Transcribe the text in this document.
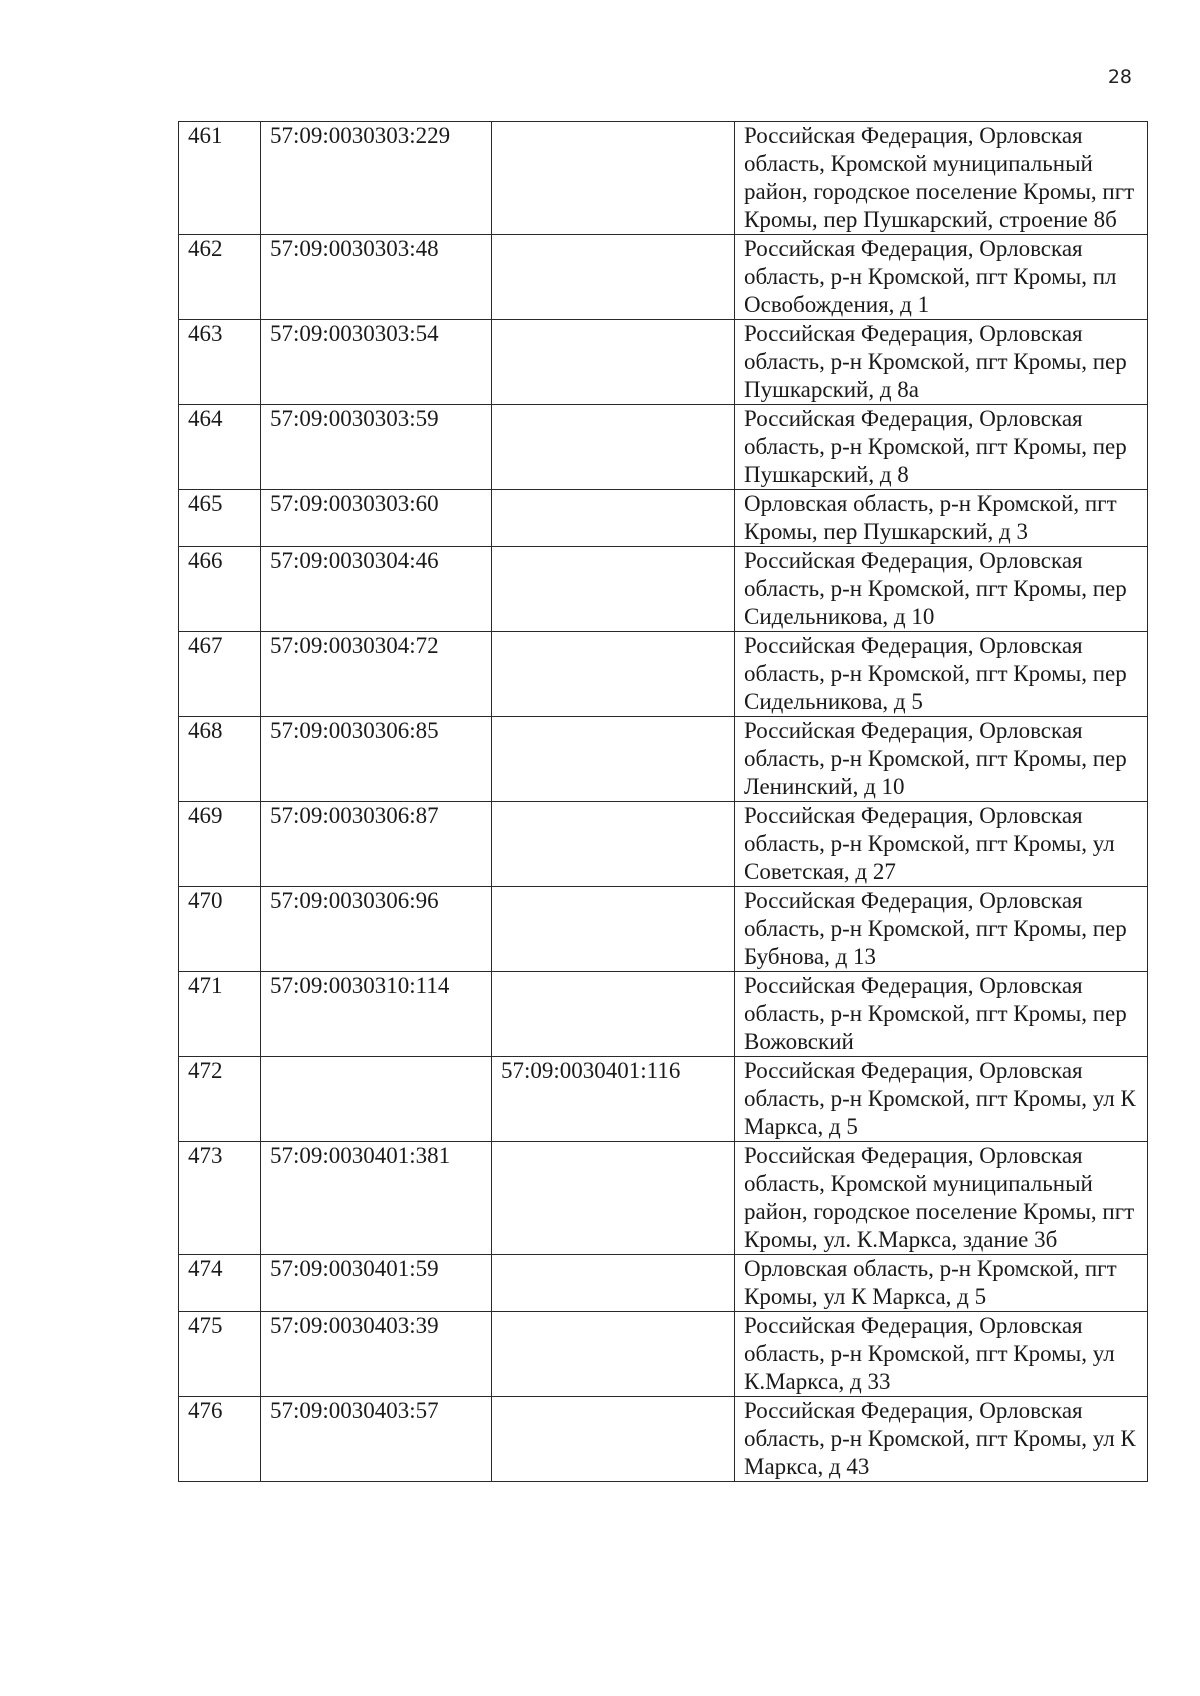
28
461	57:09:0030303:229		Российская Федерация, Орловская область, Кромской муниципальный район, городское поселение Кромы, пгт Кромы, пер Пушкарский, строение 8б
462	57:09:0030303:48		Российская Федерация, Орловская область, р-н Кромской, пгт Кромы, пл Освобождения, д 1
463	57:09:0030303:54		Российская Федерация, Орловская область, р-н Кромской, пгт Кромы, пер Пушкарский, д 8а
464	57:09:0030303:59		Российская Федерация, Орловская область, р-н Кромской, пгт Кромы, пер Пушкарский, д 8
465	57:09:0030303:60		Орловская область, р-н Кромской, пгт Кромы, пер Пушкарский, д 3
466	57:09:0030304:46		Российская Федерация, Орловская область, р-н Кромской, пгт Кромы, пер Сидельникова, д 10
467	57:09:0030304:72		Российская Федерация, Орловская область, р-н Кромской, пгт Кромы, пер Сидельникова, д 5
468	57:09:0030306:85		Российская Федерация, Орловская область, р-н Кромской, пгт Кромы, пер Ленинский, д 10
469	57:09:0030306:87		Российская Федерация, Орловская область, р-н Кромской, пгт Кромы, ул Советская, д 27
470	57:09:0030306:96		Российская Федерация, Орловская область, р-н Кромской, пгт Кромы, пер Бубнова, д 13
471	57:09:0030310:114		Российская Федерация, Орловская область, р-н Кромской, пгт Кромы, пер Вожовский
472		57:09:0030401:116	Российская Федерация, Орловская область, р-н Кромской, пгт Кромы, ул К Маркса, д 5
473	57:09:0030401:381		Российская Федерация, Орловская область, Кромской муниципальный район, городское поселение Кромы, пгт Кромы, ул. К.Маркса, здание 3б
474	57:09:0030401:59		Орловская область, р-н Кромской, пгт Кромы, ул К Маркса, д 5
475	57:09:0030403:39		Российская Федерация, Орловская область, р-н Кромской, пгт Кромы, ул К.Маркса, д 33
476	57:09:0030403:57		Российская Федерация, Орловская область, р-н Кромской, пгт Кромы, ул К Маркса, д 43
